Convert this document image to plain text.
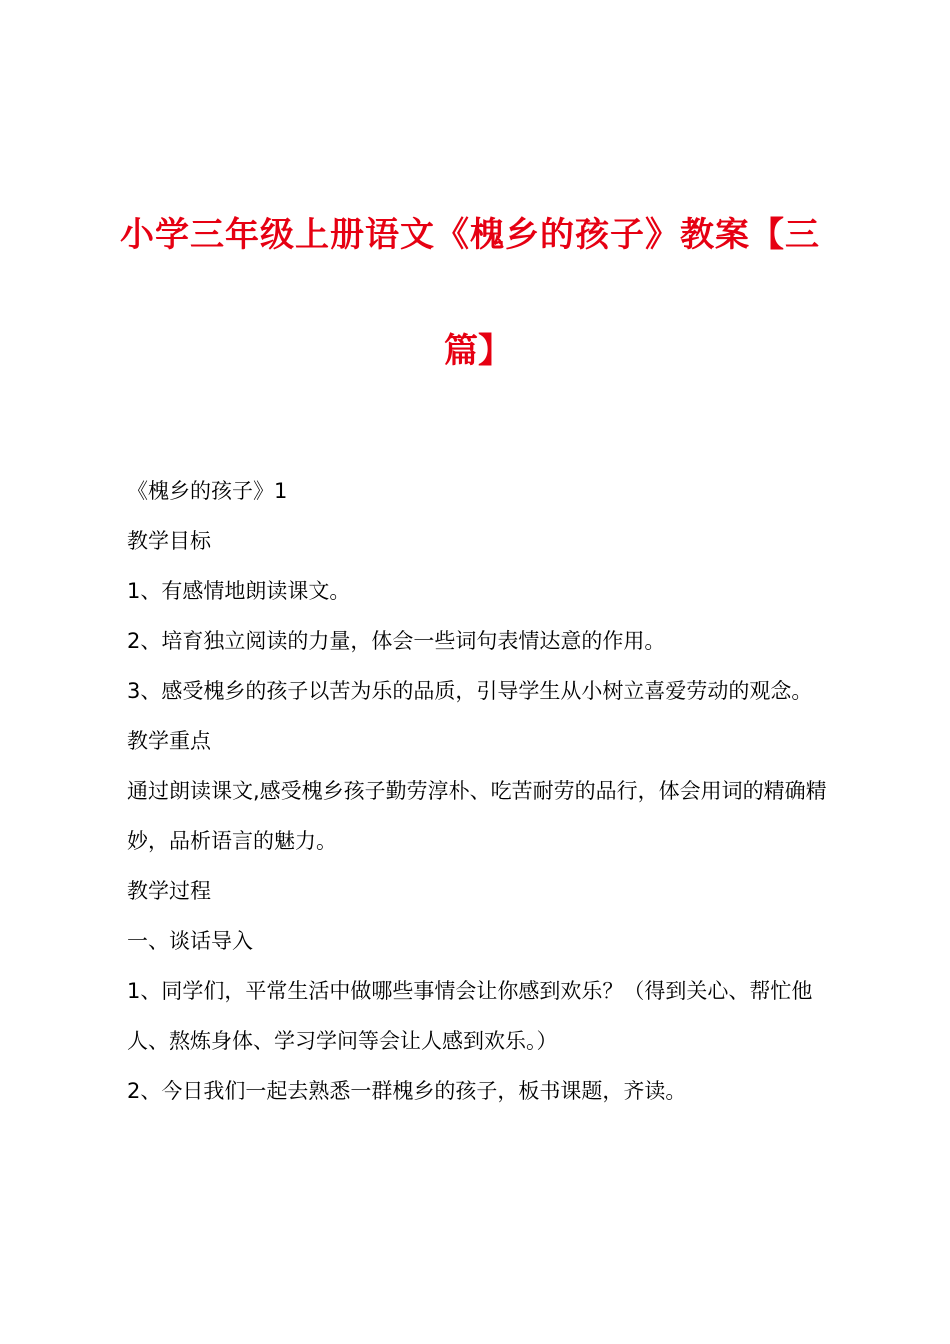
小学三年级上册语文《槐乡的孩子》教案【三
篇】

《槐乡的孩子》1

教学目标

1、有感情地朗读课文。

2、培育独立阅读的力量，体会一些词句表情达意的作用。

3、感受槐乡的孩子以苦为乐的品质，引导学生从小树立喜爱劳动的观念。

教学重点

通过朗读课文,感受槐乡孩子勤劳淳朴、吃苦耐劳的品行，体会用词的精确精妙，品析语言的魅力。

教学过程

一、谈话导入

1、同学们，平常生活中做哪些事情会让你感到欢乐？（得到关心、帮忙他人、熬炼身体、学习学问等会让人感到欢乐。）

2、今日我们一起去熟悉一群槐乡的孩子，板书课题，齐读。
